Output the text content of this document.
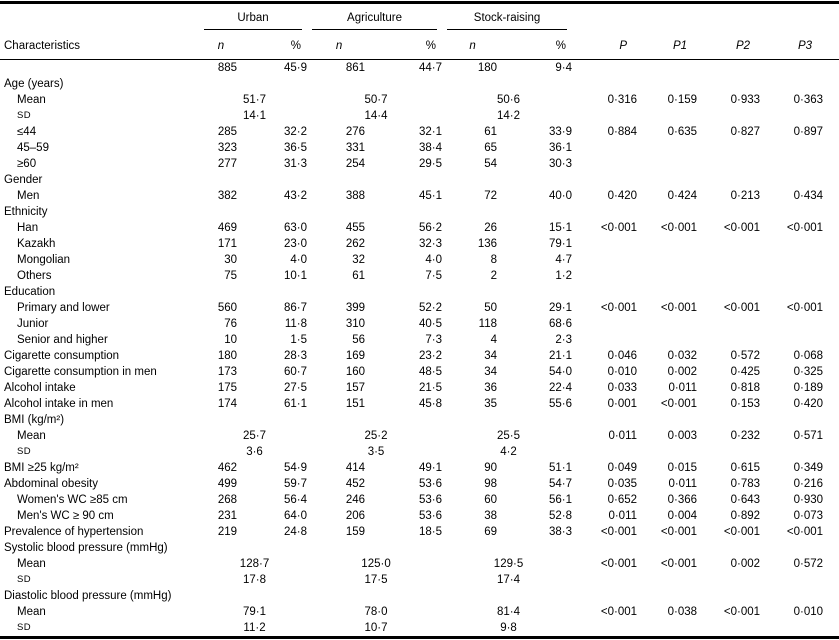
	Urban		Agriculture		Stock-raising					

Characteristics	n	%	n	%	n	%	P	P1	P2	P3
	885	45·9	861	44·7	180	9·4				
Age (years)										
Mean	51·7		50·7		50·6		0·316	0·159	0·933	0·363
SD	14·1		14·4		14·2					
≤44	285	32·2	276	32·1	61	33·9	0·884	0·635	0·827	0·897
45–59	323	36·5	331	38·4	65	36·1				
≥60	277	31·3	254	29·5	54	30·3				
Gender										
Men	382	43·2	388	45·1	72	40·0	0·420	0·424	0·213	0·434
Ethnicity										
Han	469	63·0	455	56·2	26	15·1	<0·001	<0·001	<0·001	<0·001
Kazakh	171	23·0	262	32·3	136	79·1				
Mongolian	30	4·0	32	4·0	8	4·7				
Others	75	10·1	61	7·5	2	1·2				
Education										
Primary and lower	560	86·7	399	52·2	50	29·1	<0·001	<0·001	<0·001	<0·001
Junior	76	11·8	310	40·5	118	68·6				
Senior and higher	10	1·5	56	7·3	4	2·3				
Cigarette consumption	180	28·3	169	23·2	34	21·1	0·046	0·032	0·572	0·068
Cigarette consumption in men	173	60·7	160	48·5	34	54·0	0·010	0·002	0·425	0·325
Alcohol intake	175	27·5	157	21·5	36	22·4	0·033	0·011	0·818	0·189
Alcohol intake in men	174	61·1	151	45·8	35	55·6	0·001	<0·001	0·153	0·420
BMI (kg/m²)										
Mean	25·7		25·2		25·5		0·011	0·003	0·232	0·571
SD	3·6		3·5		4·2					
BMI ≥25 kg/m²	462	54·9	414	49·1	90	51·1	0·049	0·015	0·615	0·349
Abdominal obesity	499	59·7	452	53·6	98	54·7	0·035	0·011	0·783	0·216
Women's WC ≥85 cm	268	56·4	246	53·6	60	56·1	0·652	0·366	0·643	0·930
Men's WC ≥ 90 cm	231	64·0	206	53·6	38	52·8	0·011	0·004	0·892	0·073
Prevalence of hypertension	219	24·8	159	18·5	69	38·3	<0·001	<0·001	<0·001	<0·001
Systolic blood pressure (mmHg)										
Mean	128·7		125·0		129·5		<0·001	<0·001	0·002	0·572
SD	17·8		17·5		17·4					
Diastolic blood pressure (mmHg)										
Mean	79·1		78·0		81·4		<0·001	0·038	<0·001	0·010
SD	11·2		10·7		9·8					
